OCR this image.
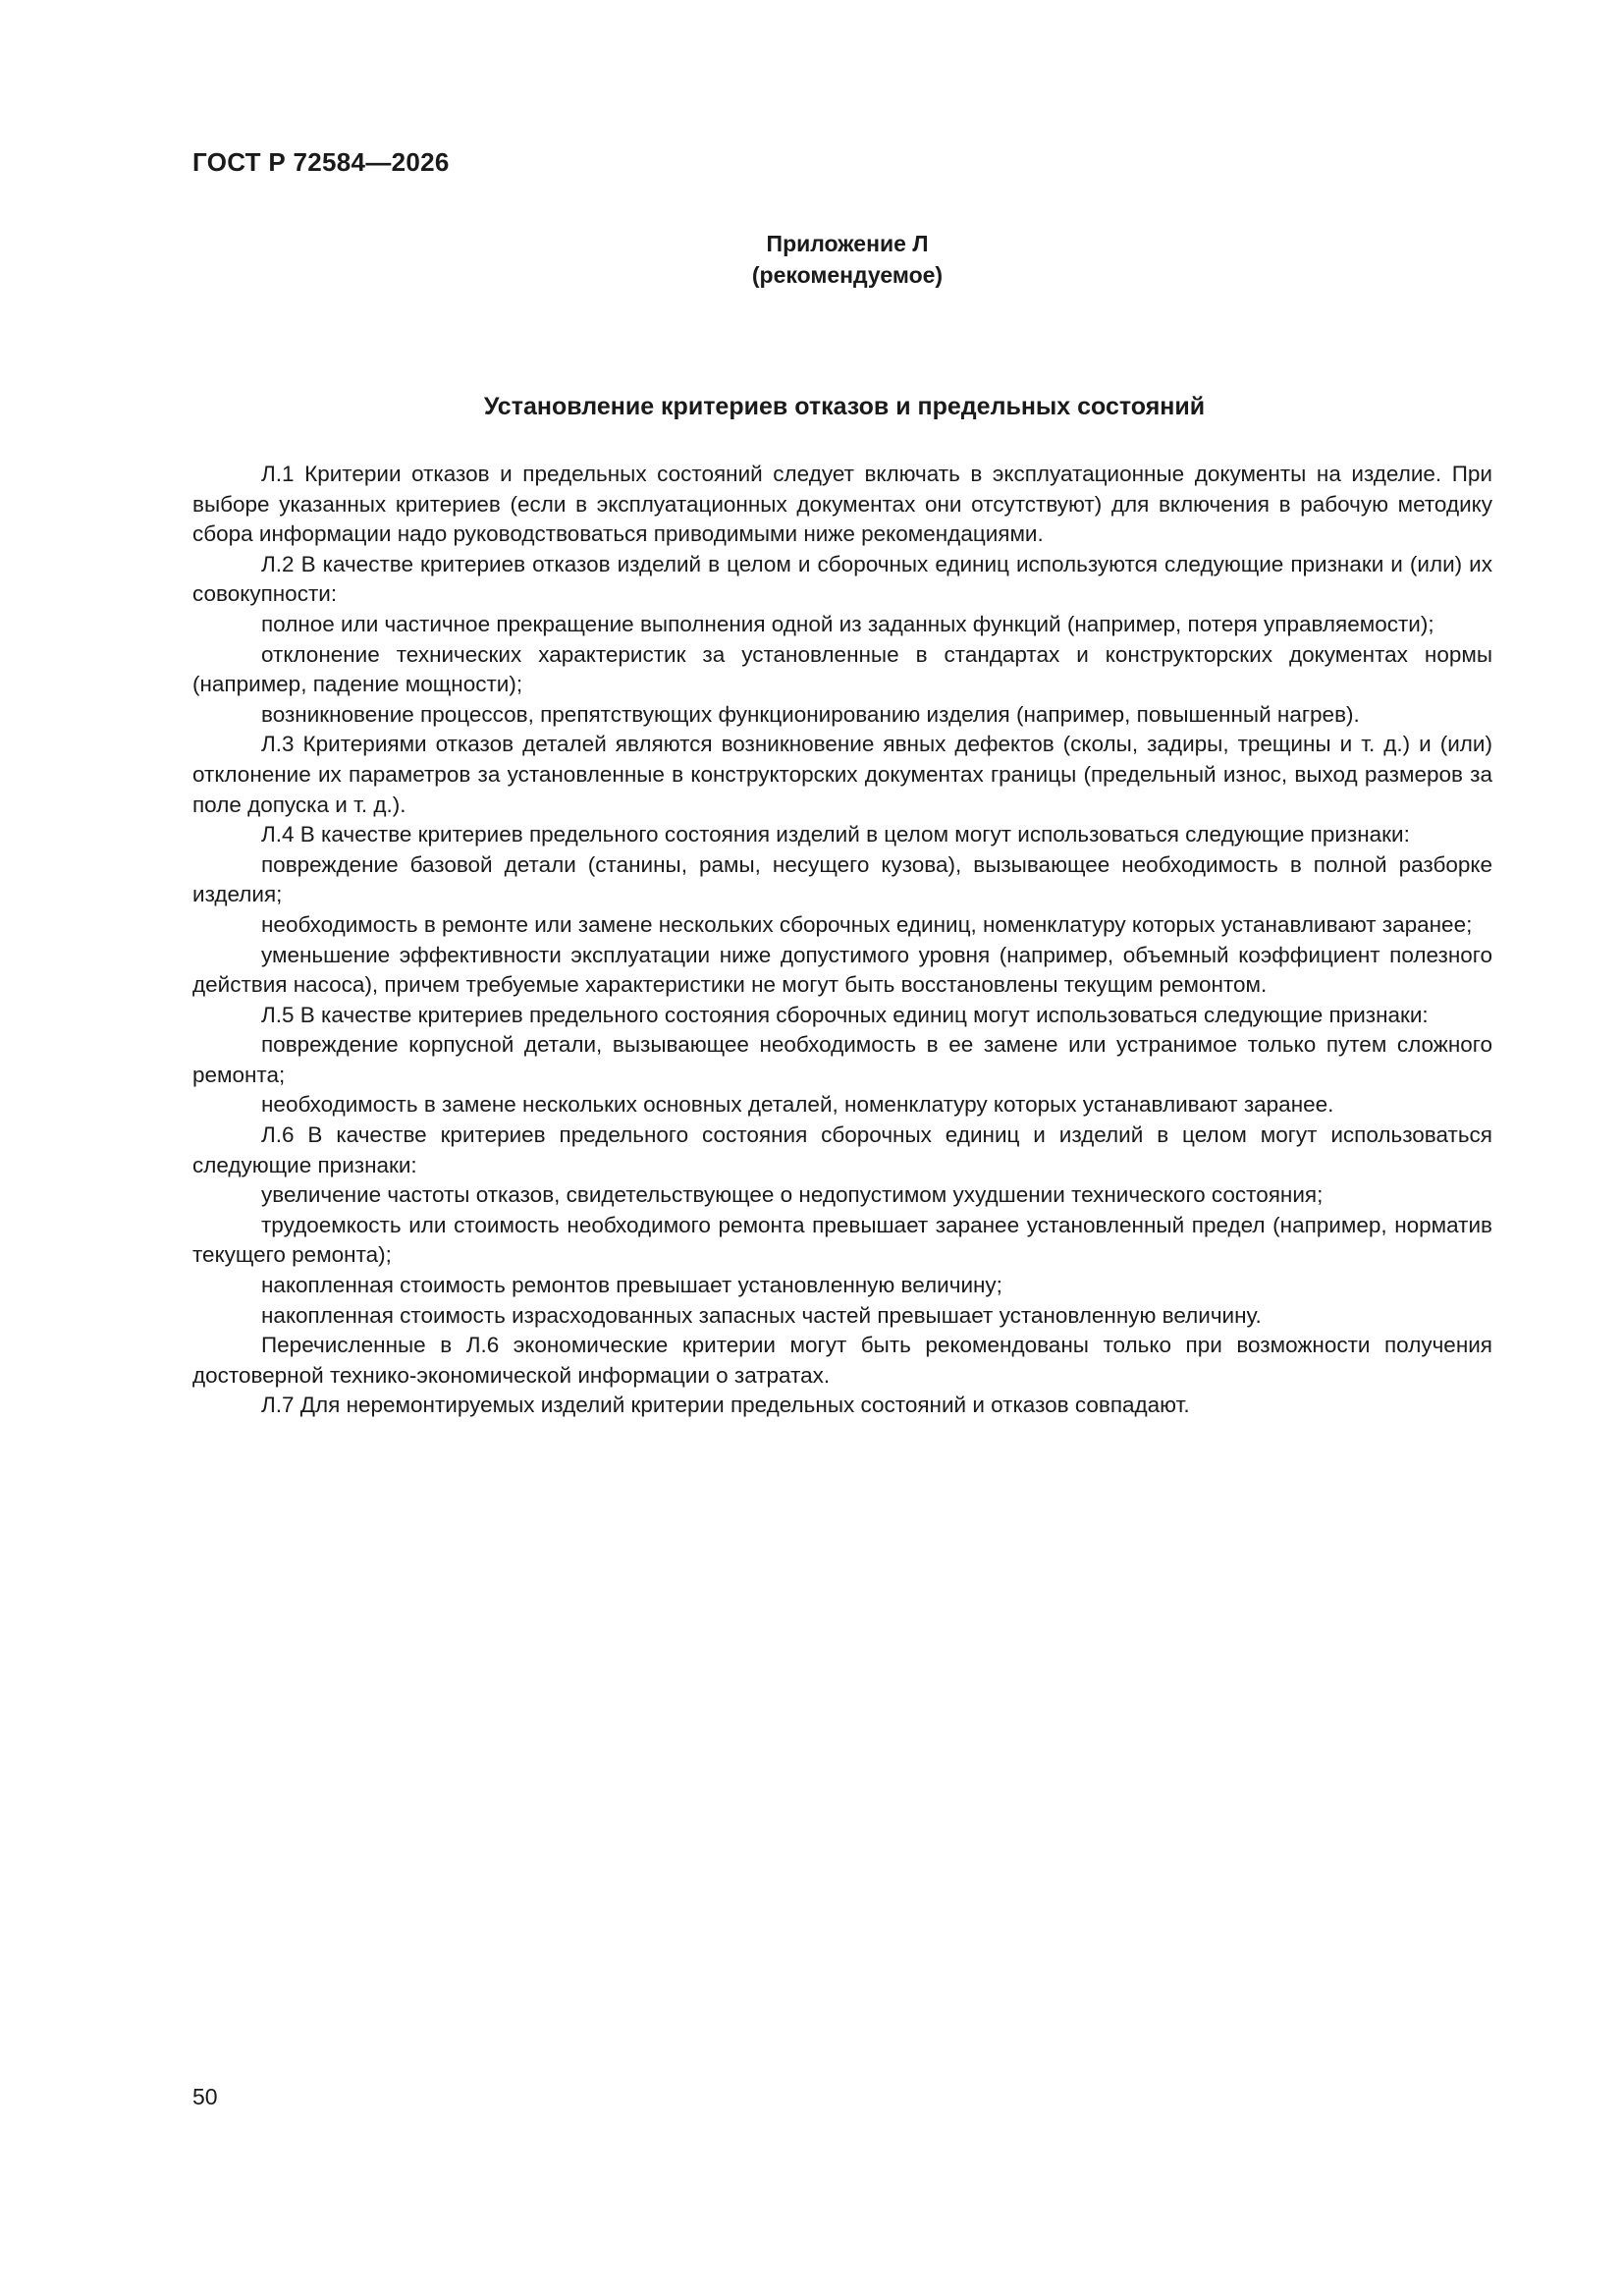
ГОСТ Р 72584—2026
Приложение Л
(рекомендуемое)
Установление критериев отказов и предельных состояний

Л.1 Критерии отказов и предельных состояний следует включать в эксплуатационные документы на изделие. При выборе указанных критериев (если в эксплуатационных документах они отсутствуют) для включения в рабочую методику сбора информации надо руководствоваться приводимыми ниже рекомендациями.

Л.2 В качестве критериев отказов изделий в целом и сборочных единиц используются следующие признаки и (или) их совокупности:

полное или частичное прекращение выполнения одной из заданных функций (например, потеря управляемости);

отклонение технических характеристик за установленные в стандартах и конструкторских документах нормы (например, падение мощности);

возникновение процессов, препятствующих функционированию изделия (например, повышенный нагрев).

Л.3 Критериями отказов деталей являются возникновение явных дефектов (сколы, задиры, трещины и т. д.) и (или) отклонение их параметров за установленные в конструкторских документах границы (предельный износ, выход размеров за поле допуска и т. д.).

Л.4 В качестве критериев предельного состояния изделий в целом могут использоваться следующие признаки:

повреждение базовой детали (станины, рамы, несущего кузова), вызывающее необходимость в полной разборке изделия;

необходимость в ремонте или замене нескольких сборочных единиц, номенклатуру которых устанавливают заранее;

уменьшение эффективности эксплуатации ниже допустимого уровня (например, объемный коэффициент полезного действия насоса), причем требуемые характеристики не могут быть восстановлены текущим ремонтом.

Л.5 В качестве критериев предельного состояния сборочных единиц могут использоваться следующие признаки:

повреждение корпусной детали, вызывающее необходимость в ее замене или устранимое только путем сложного ремонта;

необходимость в замене нескольких основных деталей, номенклатуру которых устанавливают заранее.

Л.6 В качестве критериев предельного состояния сборочных единиц и изделий в целом могут использоваться следующие признаки:

увеличение частоты отказов, свидетельствующее о недопустимом ухудшении технического состояния;

трудоемкость или стоимость необходимого ремонта превышает заранее установленный предел (например, норматив текущего ремонта);

накопленная стоимость ремонтов превышает установленную величину;

накопленная стоимость израсходованных запасных частей превышает установленную величину.

Перечисленные в Л.6 экономические критерии могут быть рекомендованы только при возможности получения достоверной технико-экономической информации о затратах.

Л.7 Для неремонтируемых изделий критерии предельных состояний и отказов совпадают.

50
